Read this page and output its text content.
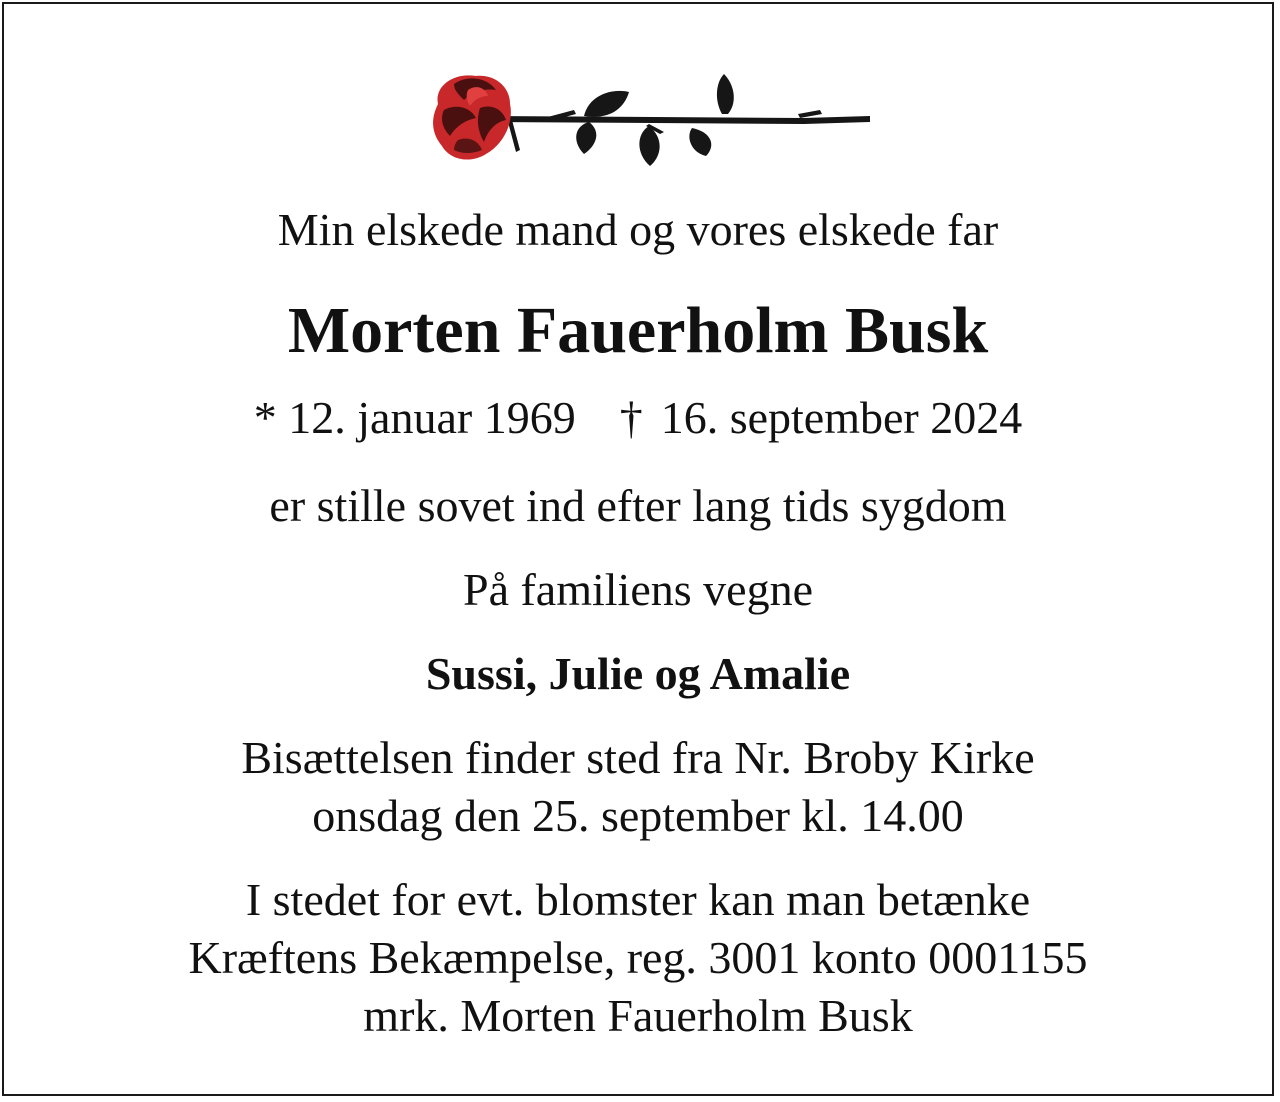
Min elskede mand og vores elskede far
Morten Fauerholm Busk
* 12. januar 1969 † 16. september 2024
er stille sovet ind efter lang tids sygdom
På familiens vegne
Sussi, Julie og Amalie
Bisættelsen finder sted fra Nr. Broby Kirke
onsdag den 25. september kl. 14.00
I stedet for evt. blomster kan man betænke
Kræftens Bekæmpelse, reg. 3001 konto 0001155
mrk. Morten Fauerholm Busk
